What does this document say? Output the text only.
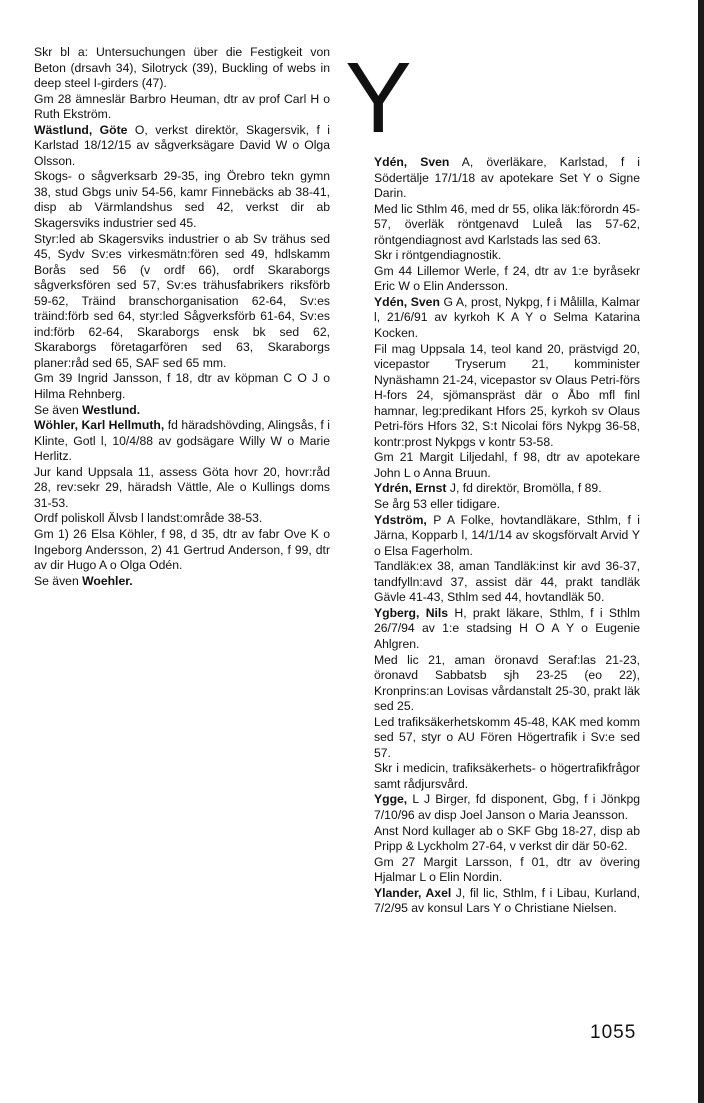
Y
Skr bl a: Untersuchungen über die Festigkeit von Beton (drsavh 34), Silotryck (39), Buckling of webs in deep steel I-girders (47).
Gm 28 ämneslär Barbro Heuman, dtr av prof Carl H o Ruth Ekström.
Wästlund, Göte O, verkst direktör, Skagersvik, f i Karlstad 18/12/15 av sågverksägare David W o Olga Olsson.
Skogs- o sågverksarb 29-35, ing Örebro tekn gymn 38, stud Gbgs univ 54-56, kamr Finnebäcks ab 38-41, disp ab Värmlandshus sed 42, verkst dir ab Skagersviks industrier sed 45.
Styr:led ab Skagersviks industrier o ab Sv trähus sed 45, Sydv Sv:es virkesmätn:fören sed 49, hdlskamm Borås sed 56 (v ordf 66), ordf Skaraborgs sågverksfören sed 57, Sv:es trähusfabrikers riksförb 59-62, Träind branschorganisation 62-64, Sv:es träind:förb sed 64, styr:led Sågverksförb 61-64, Sv:es ind:förb 62-64, Skaraborgs ensk bk sed 62, Skaraborgs företagarfören sed 63, Skaraborgs planer:råd sed 65, SAF sed 65 mm.
Gm 39 Ingrid Jansson, f 18, dtr av köpman C O J o Hilma Rehnberg.
Se även Westlund.
Wöhler, Karl Hellmuth, fd häradshövding, Alingsås, f i Klinte, Gotl l, 10/4/88 av godsägare Willy W o Marie Herlitz.
Jur kand Uppsala 11, assess Göta hovr 20, hovr:råd 28, rev:sekr 29, häradsh Vättle, Ale o Kullings doms 31-53.
Ordf poliskoll Älvsb l landst:område 38-53.
Gm 1) 26 Elsa Köhler, f 98, d 35, dtr av fabr Ove K o Ingeborg Andersson, 2) 41 Gertrud Anderson, f 99, dtr av dir Hugo A o Olga Odén.
Se även Woehler.
Ydén, Sven A, överläkare, Karlstad, f i Södertälje 17/1/18 av apotekare Set Y o Signe Darin.
Med lic Sthlm 46, med dr 55, olika läk:förordn 45-57, överläk röntgenavd Luleå las 57-62, röntgendiagnost avd Karlstads las sed 63.
Skr i röntgendiagnostik.
Gm 44 Lillemor Werle, f 24, dtr av 1:e byråsekr Eric W o Elin Andersson.
Ydén, Sven G A, prost, Nykpg, f i Målilla, Kalmar l, 21/6/91 av kyrkoh K A Y o Selma Katarina Kocken.
Fil mag Uppsala 14, teol kand 20, prästvigd 20, vicepastor Tryserum 21, komminister Nynäshamn 21-24, vicepastor sv Olaus Petri-förs H-fors 24, sjömanspräst där o Åbo mfl finl hamnar, leg:predikant Hfors 25, kyrkoh sv Olaus Petri-förs Hfors 32, S:t Nicolai förs Nykpg 36-58, kontr:prost Nykpgs v kontr 53-58.
Gm 21 Margit Liljedahl, f 98, dtr av apotekare John L o Anna Bruun.
Ydrén, Ernst J, fd direktör, Bromölla, f 89.
Se årg 53 eller tidigare.
Ydström, P A Folke, hovtandläkare, Sthlm, f i Järna, Kopparb l, 14/1/14 av skogsförvalt Arvid Y o Elsa Fagerholm.
Tandläk:ex 38, aman Tandläk:inst kir avd 36-37, tandfylln:avd 37, assist där 44, prakt tandläk Gävle 41-43, Sthlm sed 44, hovtandläk 50.
Ygberg, Nils H, prakt läkare, Sthlm, f i Sthlm 26/7/94 av 1:e stadsing H O A Y o Eugenie Ahlgren.
Med lic 21, aman öronavd Seraf:las 21-23, öronavd Sabbatsb sjh 23-25 (eo 22), Kronprins:an Lovisas vårdanstalt 25-30, prakt läk sed 25.
Led trafiksäkerhetskomm 45-48, KAK med komm sed 57, styr o AU Fören Högertrafik i Sv:e sed 57.
Skr i medicin, trafiksäkerhets- o högertrafikfrågor samt rådjursvård.
Ygge, L J Birger, fd disponent, Gbg, f i Jönkpg 7/10/96 av disp Joel Janson o Maria Jeansson.
Anst Nord kullager ab o SKF Gbg 18-27, disp ab Pripp & Lyckholm 27-64, v verkst dir där 50-62.
Gm 27 Margit Larsson, f 01, dtr av övering Hjalmar L o Elin Nordin.
Ylander, Axel J, fil lic, Sthlm, f i Libau, Kurland, 7/2/95 av konsul Lars Y o Christiane Nielsen.
1055
